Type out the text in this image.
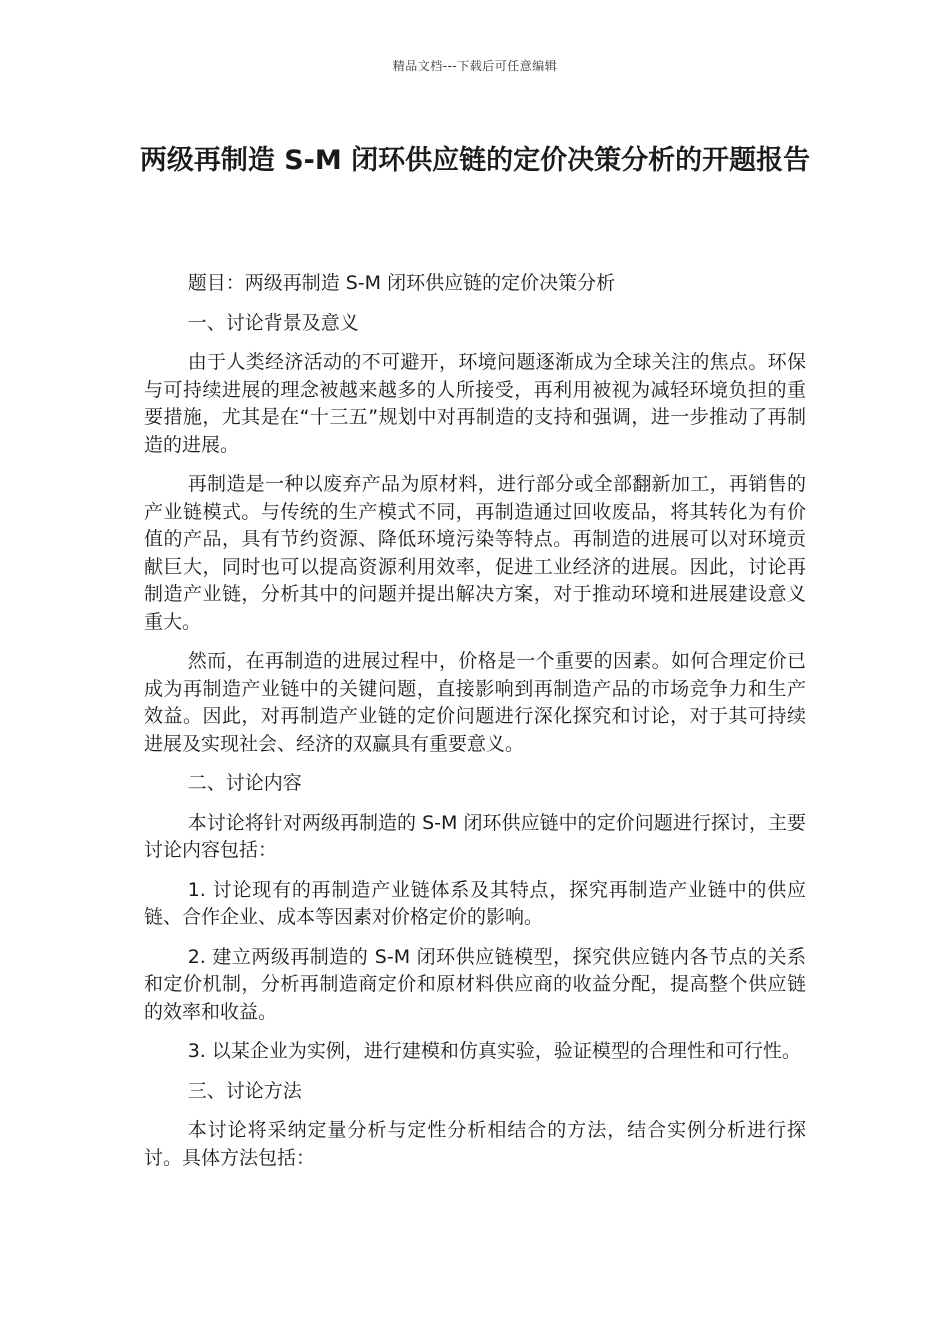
精品文档---下载后可任意编辑
两级再制造 S-M 闭环供应链的定价决策分析的开题报告

题目：两级再制造 S-M 闭环供应链的定价决策分析

一、讨论背景及意义

由于人类经济活动的不可避开，环境问题逐渐成为全球关注的焦点。环保与可持续进展的理念被越来越多的人所接受，再利用被视为减轻环境负担的重要措施，尤其是在“十三五”规划中对再制造的支持和强调，进一步推动了再制造的进展。

再制造是一种以废弃产品为原材料，进行部分或全部翻新加工，再销售的产业链模式。与传统的生产模式不同，再制造通过回收废品，将其转化为有价值的产品，具有节约资源、降低环境污染等特点。再制造的进展可以对环境贡献巨大，同时也可以提高资源利用效率，促进工业经济的进展。因此，讨论再制造产业链，分析其中的问题并提出解决方案，对于推动环境和进展建设意义重大。

然而，在再制造的进展过程中，价格是一个重要的因素。如何合理定价已成为再制造产业链中的关键问题，直接影响到再制造产品的市场竞争力和生产效益。因此，对再制造产业链的定价问题进行深化探究和讨论，对于其可持续进展及实现社会、经济的双赢具有重要意义。

二、讨论内容

本讨论将针对两级再制造的 S-M 闭环供应链中的定价问题进行探讨，主要讨论内容包括：

1. 讨论现有的再制造产业链体系及其特点，探究再制造产业链中的供应链、合作企业、成本等因素对价格定价的影响。

2. 建立两级再制造的 S-M 闭环供应链模型，探究供应链内各节点的关系和定价机制，分析再制造商定价和原材料供应商的收益分配，提高整个供应链的效率和收益。

3. 以某企业为实例，进行建模和仿真实验，验证模型的合理性和可行性。

三、讨论方法

本讨论将采纳定量分析与定性分析相结合的方法，结合实例分析进行探讨。具体方法包括：
